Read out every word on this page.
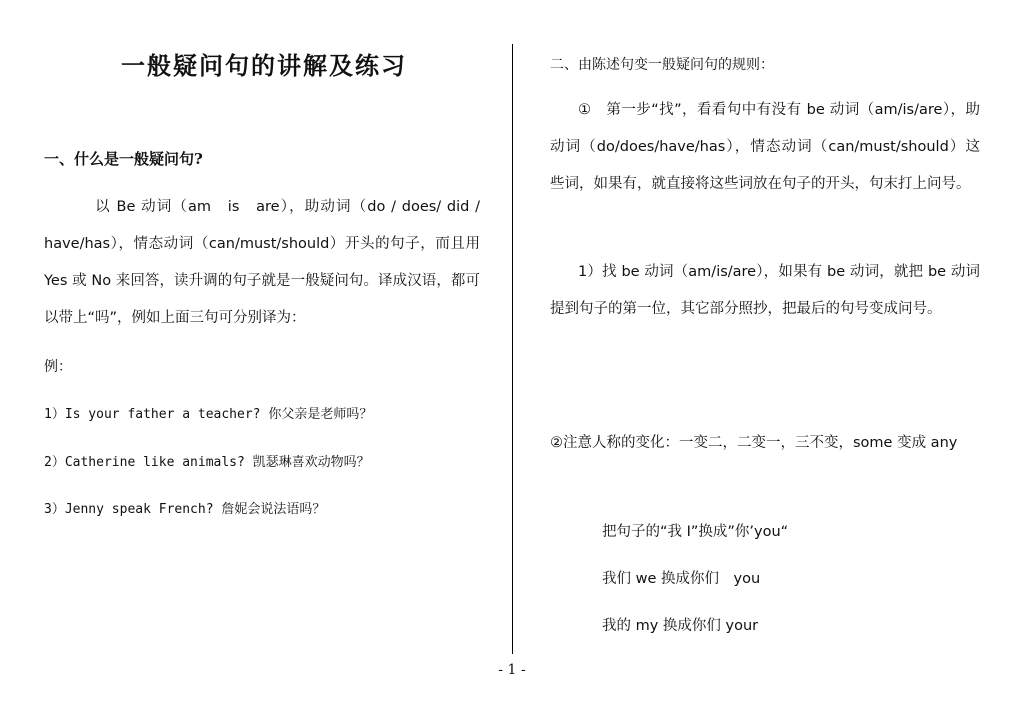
一般疑问句的讲解及练习
一、什么是一般疑问句?
以 Be 动词（am　is　are），助动词（do / does/ did / have/has），情态动词（can/must/should）开头的句子，而且用 Yes 或 No 来回答，读升调的句子就是一般疑问句。译成汉语，都可以带上“吗”，例如上面三句可分别译为：
例：
1）Is your father a teacher? 你父亲是老师吗？
2）Catherine like animals? 凯瑟琳喜欢动物吗？
3）Jenny speak French? 詹妮会说法语吗？
二、由陈述句变一般疑问句的规则：
①　第一步“找”，看看句中有没有 be 动词（am/is/are），助动词（do/does/have/has），情态动词（can/must/should）这些词，如果有，就直接将这些词放在句子的开头，句末打上问号。
1）找 be 动词（am/is/are），如果有 be 动词，就把 be 动词提到句子的第一位，其它部分照抄，把最后的句号变成问号。
②注意人称的变化：一变二，二变一，三不变，some 变成 any
把句子的“我 I”换成”你’you“
我们 we 换成你们　you
我的 my 换成你们 your
- 1 -
